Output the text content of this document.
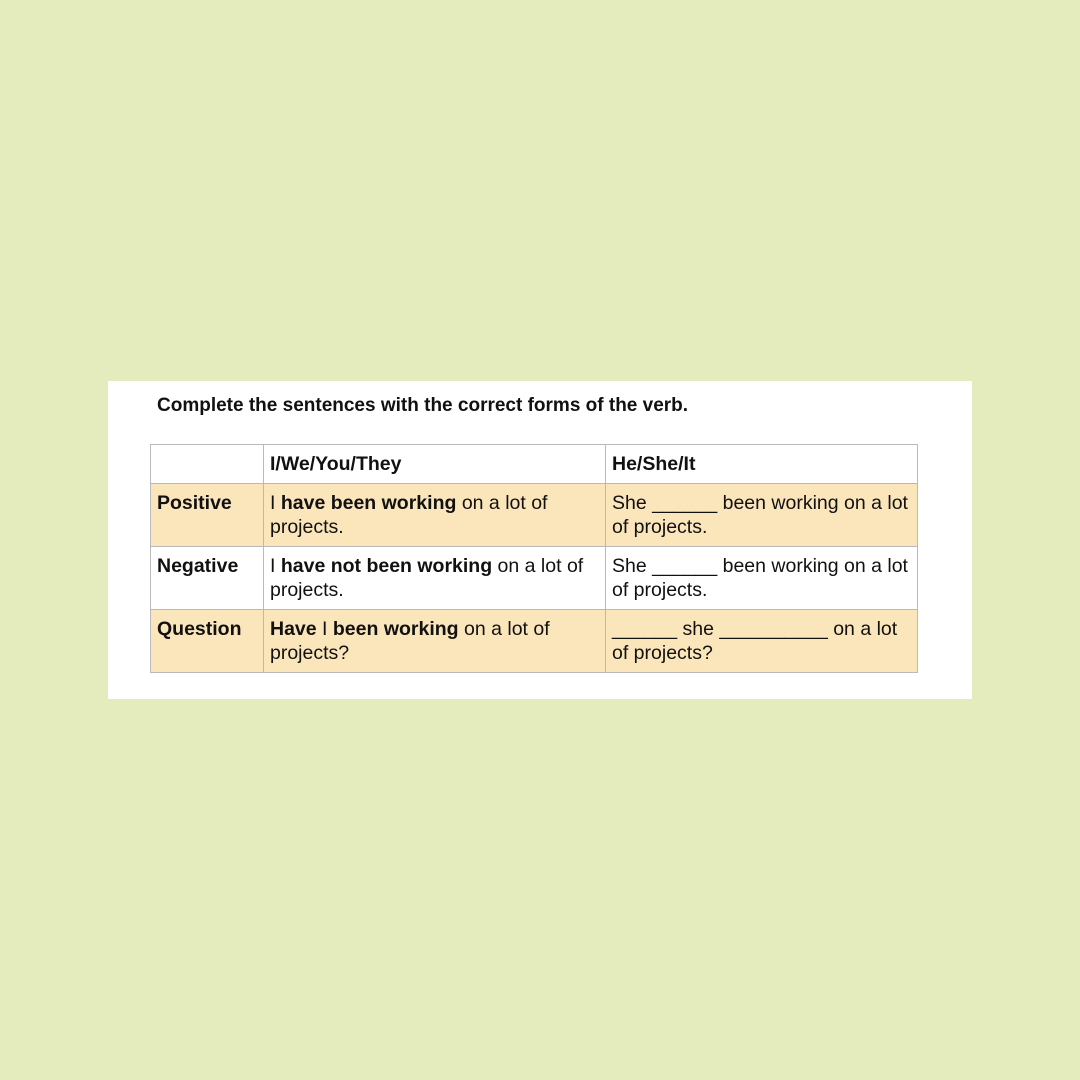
Complete the sentences with the correct forms of the verb.

	I/We/You/They	He/She/It
Positive	I have been working on a lot of projects.	She ______ been working on a lot of projects.
Negative	I have not been working on a lot of projects.	She ______ been working on a lot of projects.
Question	Have I been working on a lot of projects?	______ she __________ on a lot of projects?
